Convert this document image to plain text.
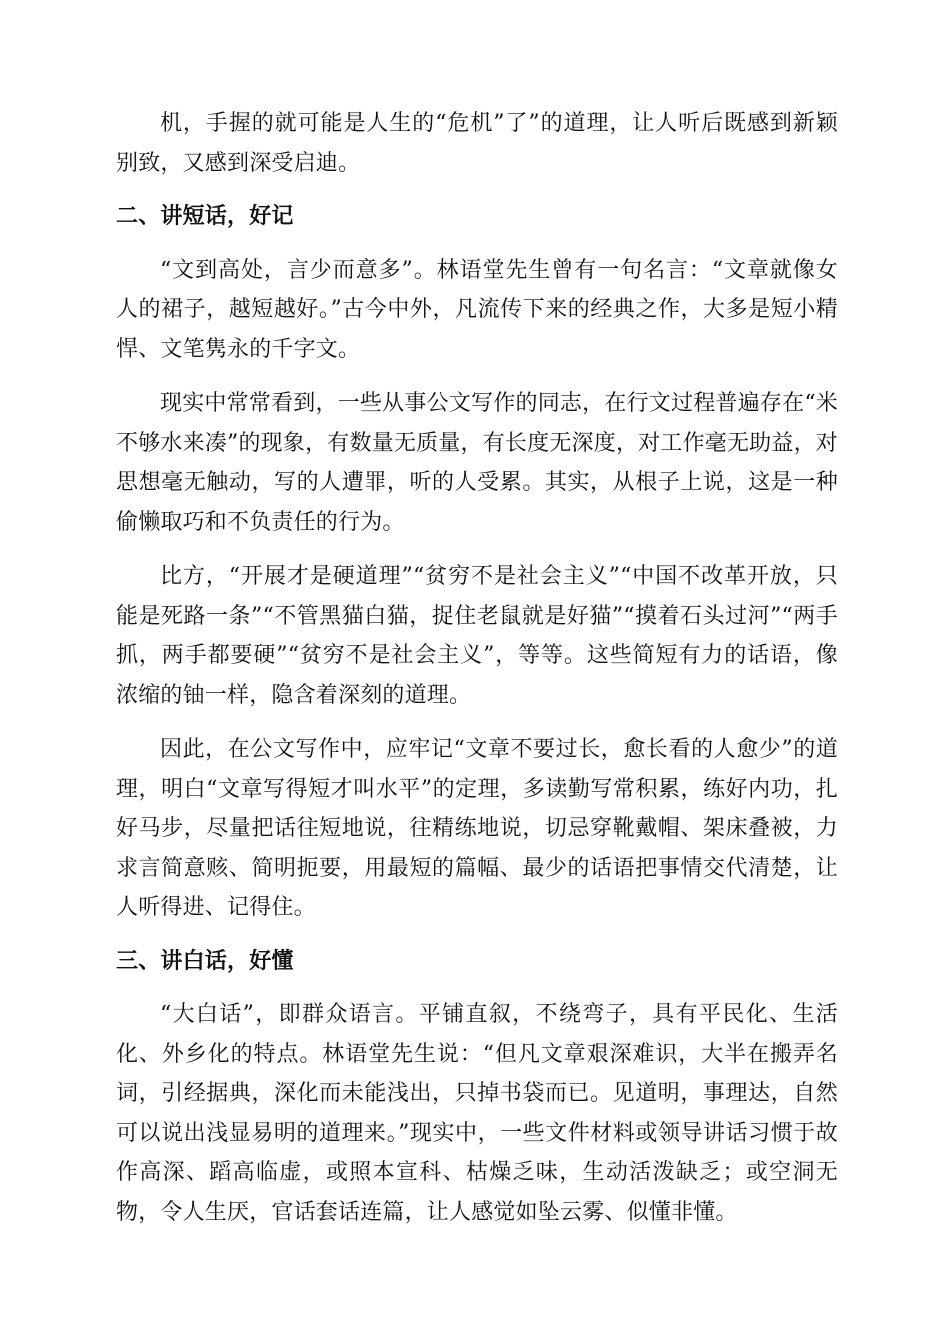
机，手握的就可能是人生的“危机”了”的道理，让人听后既感到新颖别致，又感到深受启迪。

二、讲短话，好记

“文到高处，言少而意多”。林语堂先生曾有一句名言：“文章就像女人的裙子，越短越好。”古今中外，凡流传下来的经典之作，大多是短小精悍、文笔隽永的千字文。

现实中常常看到，一些从事公文写作的同志，在行文过程普遍存在“米不够水来凑”的现象，有数量无质量，有长度无深度，对工作毫无助益，对思想毫无触动，写的人遭罪，听的人受累。其实，从根子上说，这是一种偷懒取巧和不负责任的行为。

比方，“开展才是硬道理”“贫穷不是社会主义”“中国不改革开放，只能是死路一条”“不管黑猫白猫，捉住老鼠就是好猫”“摸着石头过河”“两手抓，两手都要硬”“贫穷不是社会主义”，等等。这些简短有力的话语，像浓缩的铀一样，隐含着深刻的道理。

因此，在公文写作中，应牢记“文章不要过长，愈长看的人愈少”的道理，明白“文章写得短才叫水平”的定理，多读勤写常积累，练好内功，扎好马步，尽量把话往短地说，往精练地说，切忌穿靴戴帽、架床叠被，力求言简意赅、简明扼要，用最短的篇幅、最少的话语把事情交代清楚，让人听得进、记得住。

三、讲白话，好懂

“大白话”，即群众语言。平铺直叙，不绕弯子，具有平民化、生活化、外乡化的特点。林语堂先生说：“但凡文章艰深难识，大半在搬弄名词，引经据典，深化而未能浅出，只掉书袋而已。见道明，事理达，自然可以说出浅显易明的道理来。”现实中，一些文件材料或领导讲话习惯于故作高深、蹈高临虚，或照本宣科、枯燥乏味，生动活泼缺乏；或空洞无物，令人生厌，官话套话连篇，让人感觉如坠云雾、似懂非懂。
